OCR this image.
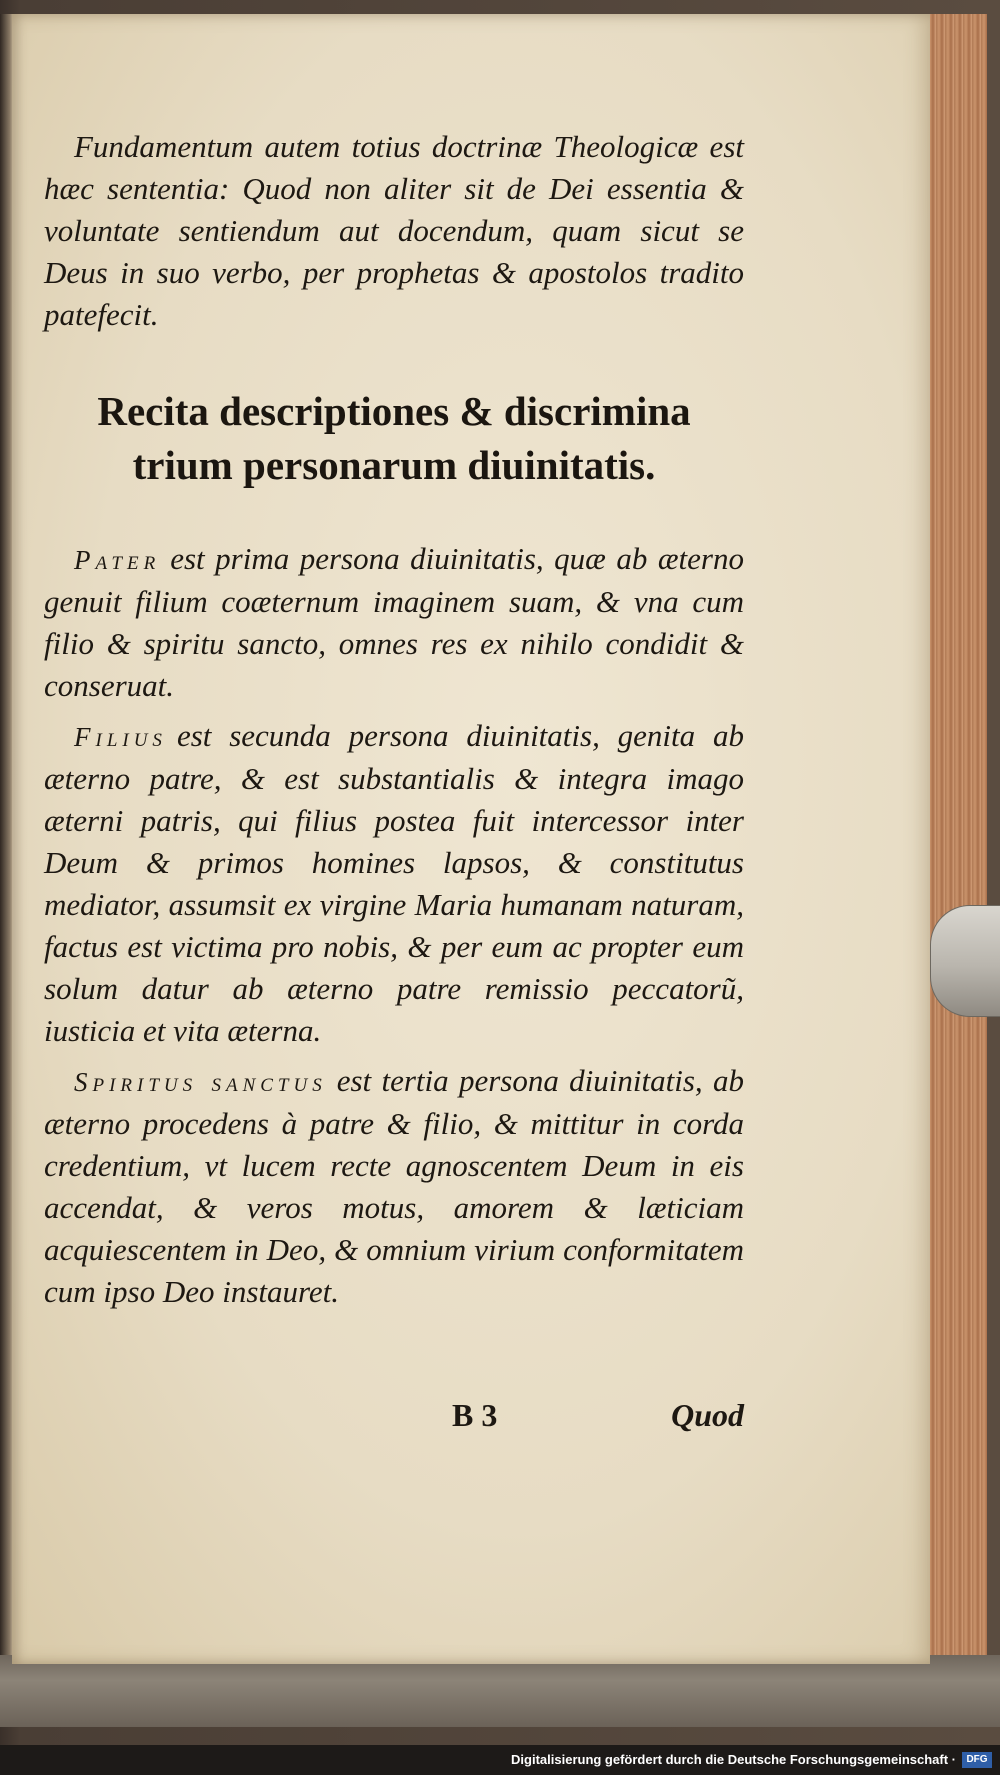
Fundamentum autem totius doctrinæ Theologicæ est hæc sententia: Quod non aliter sit de Dei essentia & voluntate sentiendum aut docendum, quam sicut se Deus in suo verbo, per prophetas & apostolos tradito patefecit.

Recita descriptiones & discrimina trium personarum diuinitatis.

Pater est prima persona diuinitatis, quæ ab æterno genuit filium coæternum imaginem suam, & vna cum filio & spiritu sancto, omnes res ex nihilo condidit & conseruat.

Filius est secunda persona diuinitatis, genita ab æterno patre, & est substantialis & integra imago æterni patris, qui filius postea fuit intercessor inter Deum & primos homines lapsos, & constitutus mediator, assumsit ex virgine Maria humanam naturam, factus est victima pro nobis, & per eum ac propter eum solum datur ab æterno patre remissio peccatorũ, iusticia et vita æterna.

Spiritus sanctus est tertia persona diuinitatis, ab æterno procedens à patre & filio, & mittitur in corda credentium, vt lucem recte agnoscentem Deum in eis accendat, & veros motus, amorem & læticiam acquiescentem in Deo, & omnium virium conformitatem cum ipso Deo instauret.

B 3	Quod
Digitalisierung gefördert durch die Deutsche Forschungsgemeinschaft ·	DFG
